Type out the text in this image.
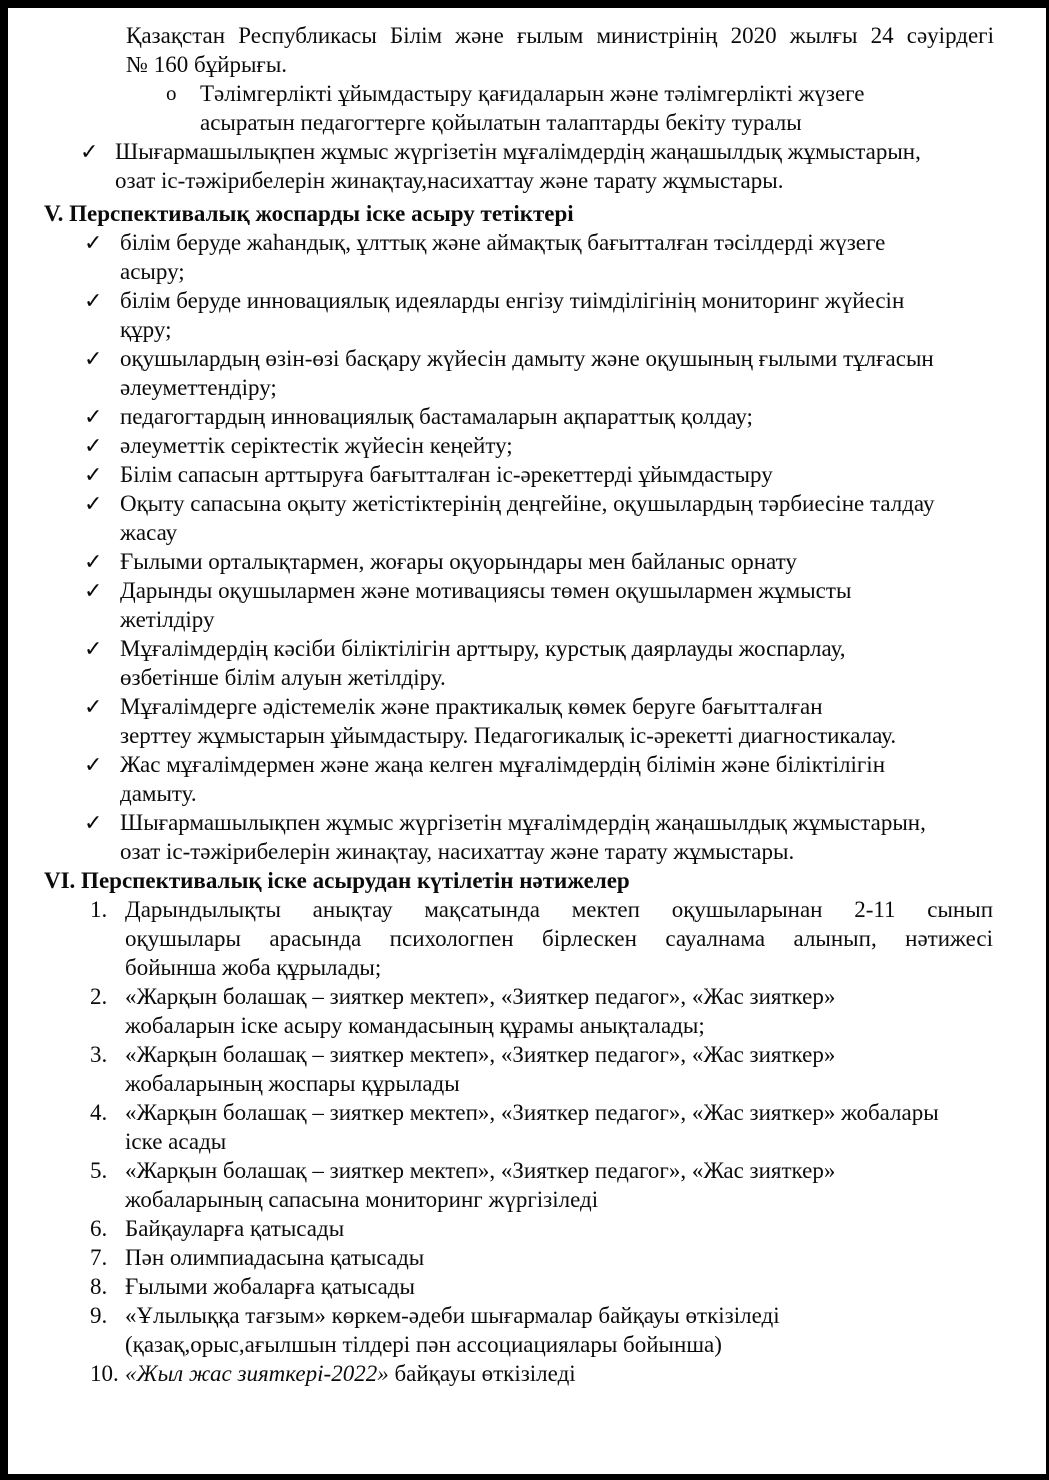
Қазақстан Республикасы Білім және ғылым министрінің 2020 жылғы 24 сәуірдегі
№ 160 бұйрығы.
o	Тәлімгерлікті ұйымдастыру қағидаларын және тәлімгерлікті жүзеге
асыратын педагогтерге қойылатын талаптарды бекіту туралы
✓ Шығармашылықпен жұмыс жүргізетін мұғалімдердің жаңашылдық жұмыстарын,
озат іс-тәжірибелерін жинақтау,насихаттау және тарату жұмыстары.
V. Перспективалық жоспарды іске асыру тетіктері
✓ білім беруде жаһандық, ұлттық және аймақтық бағытталған тәсілдерді жүзеге
асыру;
✓ білім беруде инновациялық идеяларды енгізу тиімділігінің мониторинг жүйесін
құру;
✓ оқушылардың өзін-өзі басқару жүйесін дамыту және оқушының ғылыми тұлғасын
әлеуметтендіру;
✓ педагогтардың инновациялық бастамаларын ақпараттық қолдау;
✓ әлеуметтік серіктестік жүйесін кеңейту;
✓ Білім сапасын арттыруға бағытталған іс-әрекеттерді ұйымдастыру
✓ Оқыту сапасына оқыту жетістіктерінің деңгейіне, оқушылардың тәрбиесіне талдау
жасау
✓ Ғылыми орталықтармен, жоғары оқуорындары мен байланыс орнату
✓ Дарынды оқушылармен және мотивациясы төмен оқушылармен жұмысты
жетілдіру
✓ Мұғалімдердің кәсіби біліктілігін арттыру, курстық даярлауды жоспарлау,
өзбетінше білім алуын жетілдіру.
✓ Мұғалімдерге әдістемелік және практикалық көмек беруге бағытталған
зерттеу жұмыстарын ұйымдастыру. Педагогикалық іс-әрекетті диагностикалау.
✓ Жас мұғалімдермен және жаңа келген мұғалімдердің білімін және біліктілігін
дамыту.
✓ Шығармашылықпен жұмыс жүргізетін мұғалімдердің жаңашылдық жұмыстарын,
озат іс-тәжірибелерін жинақтау, насихаттау және тарату жұмыстары.
VI. Перспективалық іске асырудан күтілетін нәтижелер
1. Дарындылықты анықтау мақсатында мектеп оқушыларынан 2-11 сынып
оқушылары арасында психологпен бірлескен сауалнама алынып, нәтижесі
бойынша жоба құрылады;
2. «Жарқын болашақ – зияткер мектеп», «Зияткер педагог», «Жас зияткер»
жобаларын іске асыру командасының құрамы анықталады;
3. «Жарқын болашақ – зияткер мектеп», «Зияткер педагог», «Жас зияткер»
жобаларының жоспары құрылады
4. «Жарқын болашақ – зияткер мектеп», «Зияткер педагог», «Жас зияткер» жобалары
іске асады
5. «Жарқын болашақ – зияткер мектеп», «Зияткер педагог», «Жас зияткер»
жобаларының сапасына мониторинг жүргізіледі
6. Байқауларға қатысады
7. Пән олимпиадасына қатысады
8. Ғылыми жобаларға қатысады
9. «Ұлылыққа тағзым» көркем-әдеби шығармалар байқауы өткізіледі
(қазақ,орыс,ағылшын тілдері пән ассоциациялары бойынша)
10. «Жыл жас зияткері-2022» байқауы өткізіледі
